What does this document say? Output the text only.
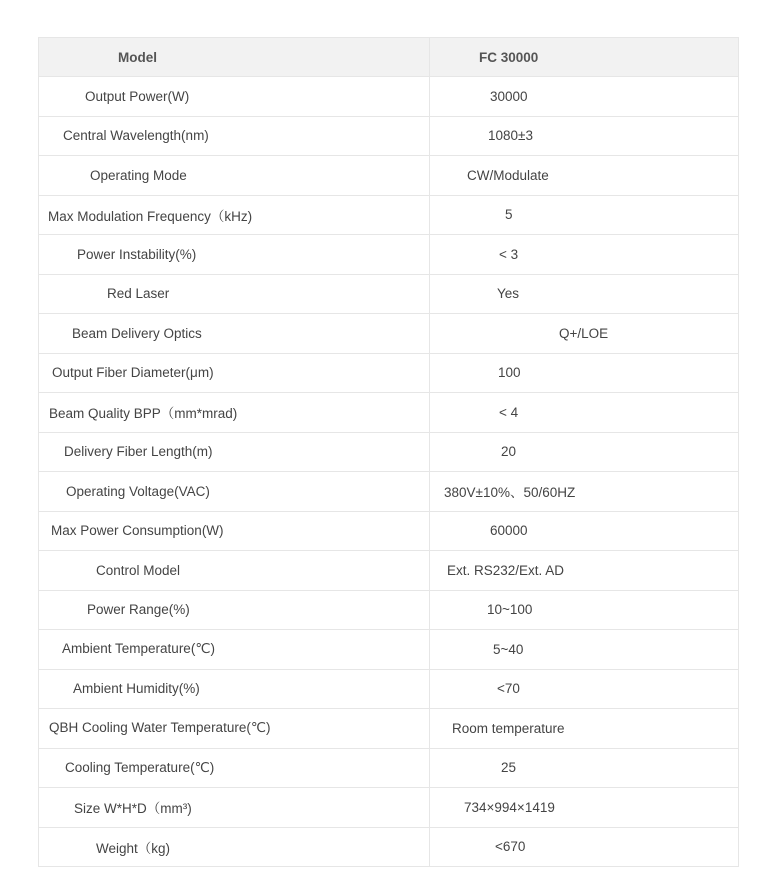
Model	FC 30000
Output Power(W)	30000
Central Wavelength(nm)	1080±3
Operating Mode	CW/Modulate
Max Modulation Frequency（kHz)	5
Power Instability(%)	< 3
Red Laser	Yes
Beam Delivery Optics	Q+/LOE
Output Fiber Diameter(μm)	100
Beam Quality BPP（mm*mrad)	< 4
Delivery Fiber Length(m)	20
Operating Voltage(VAC)	380V±10%、50/60HZ
Max Power Consumption(W)	60000
Control Model	Ext. RS232/Ext. AD
Power Range(%)	10~100
Ambient Temperature(℃)	5~40
Ambient Humidity(%)	<70
QBH Cooling Water Temperature(℃)	Room temperature
Cooling Temperature(℃)	25
Size W*H*D（mm³)	734×994×1419
Weight（kg)	<670
